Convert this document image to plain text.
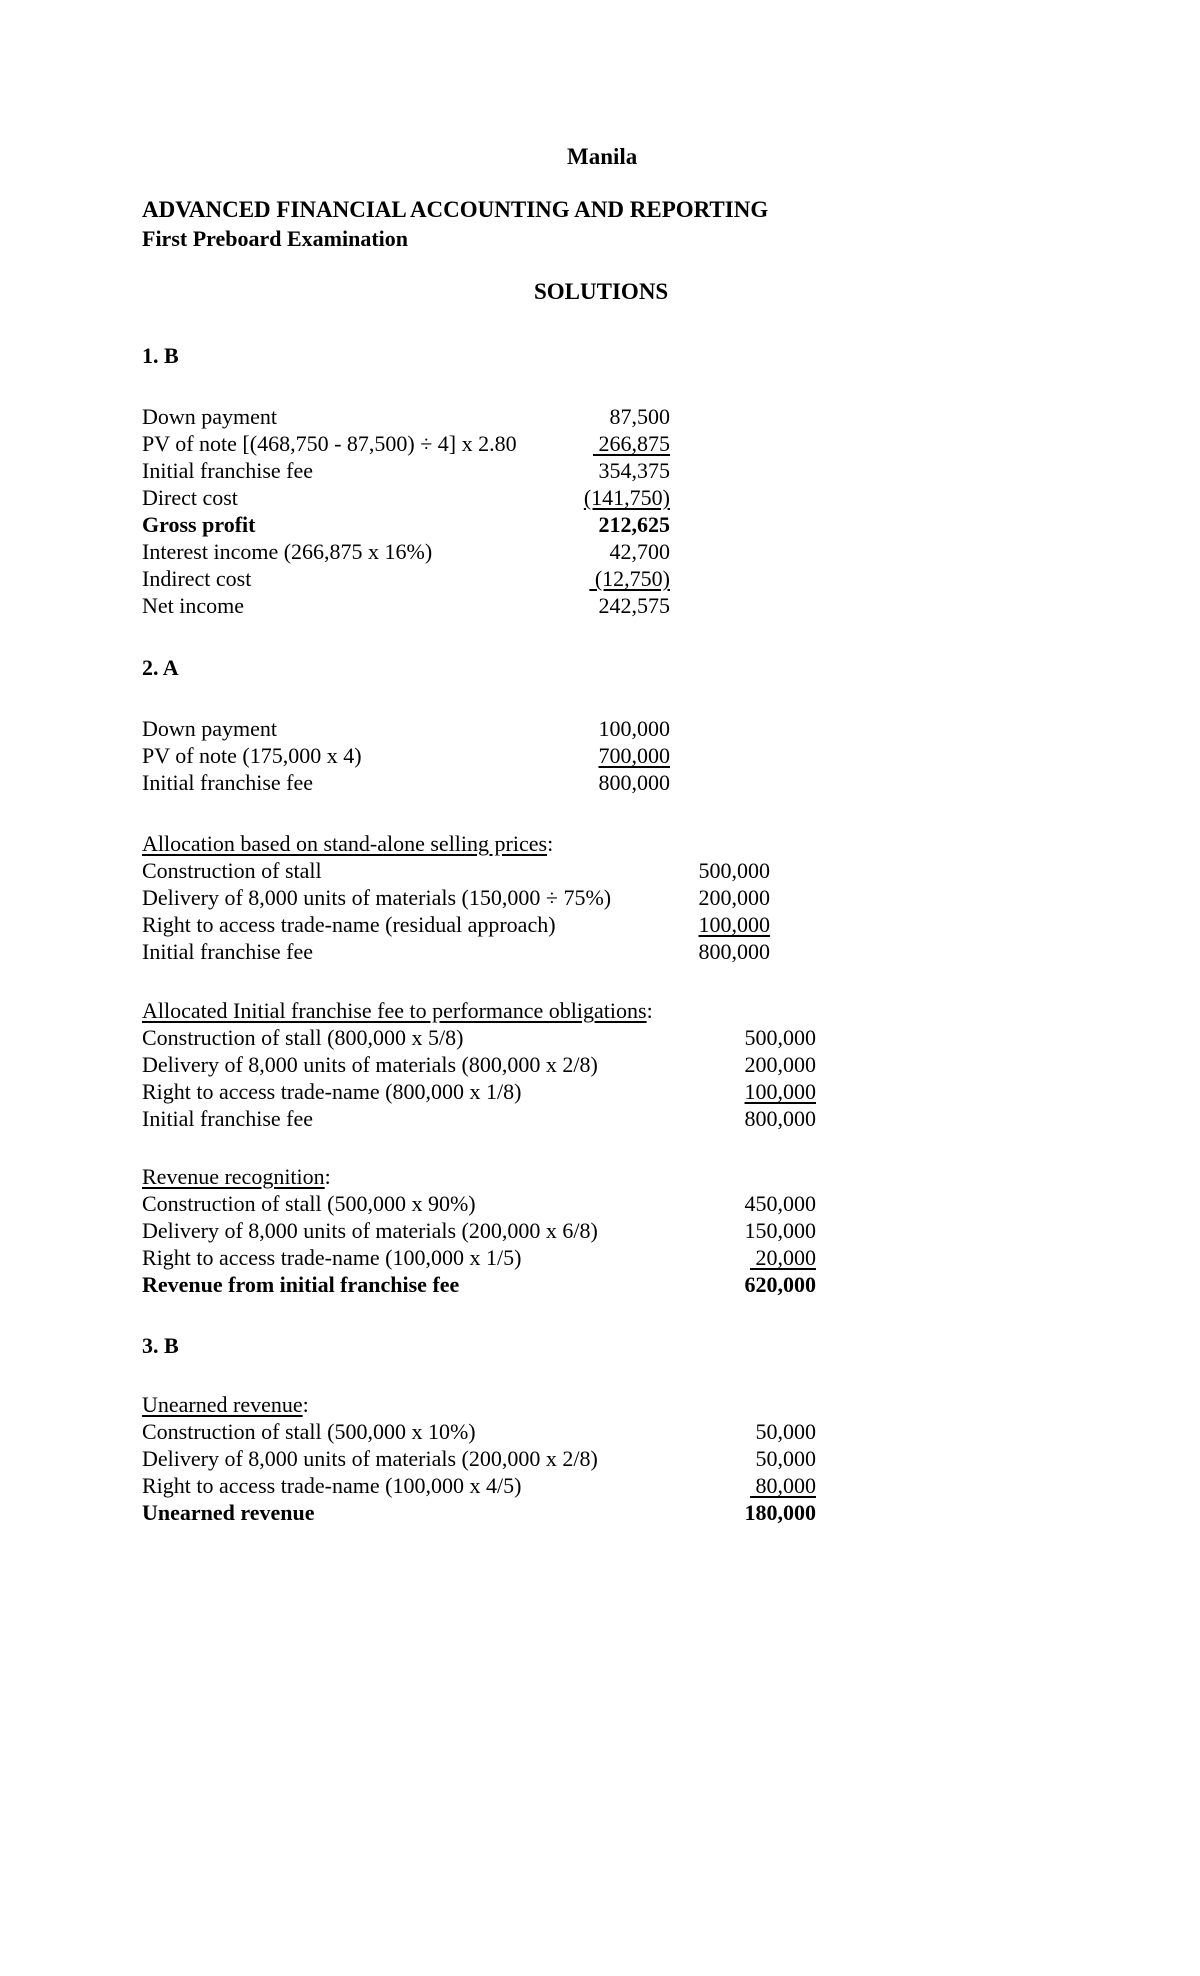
Manila
ADVANCED FINANCIAL ACCOUNTING AND REPORTING
First Preboard Examination
SOLUTIONS
1. B
Down payment	87,500
PV of note [(468,750 - 87,500) ÷ 4] x 2.80	266,875
Initial franchise fee	354,375
Direct cost	(141,750)
Gross profit	212,625
Interest income (266,875 x 16%)	42,700
Indirect cost	(12,750)
Net income	242,575
2. A
Down payment	100,000
PV of note (175,000 x 4)	700,000
Initial franchise fee	800,000
Allocation based on stand-alone selling prices:
Construction of stall	500,000
Delivery of 8,000 units of materials (150,000 ÷ 75%)	200,000
Right to access trade-name (residual approach)	100,000
Initial franchise fee	800,000
Allocated Initial franchise fee to performance obligations:
Construction of stall (800,000 x 5/8)	500,000
Delivery of 8,000 units of materials (800,000 x 2/8)	200,000
Right to access trade-name (800,000 x 1/8)	100,000
Initial franchise fee	800,000
Revenue recognition:
Construction of stall (500,000 x 90%)	450,000
Delivery of 8,000 units of materials (200,000 x 6/8)	150,000
Right to access trade-name (100,000 x 1/5)	20,000
Revenue from initial franchise fee	620,000
3. B
Unearned revenue:
Construction of stall (500,000 x 10%)	50,000
Delivery of 8,000 units of materials (200,000 x 2/8)	50,000
Right to access trade-name (100,000 x 4/5)	80,000
Unearned revenue	180,000
